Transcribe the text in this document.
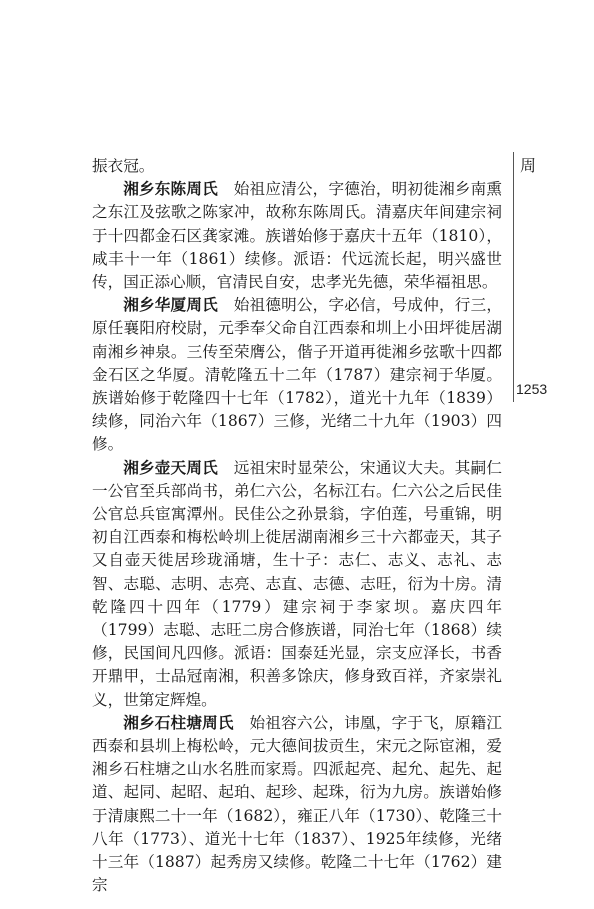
振衣冠。

湘乡东陈周氏　 始祖应清公，字德治，明初徙湘乡南熏之东江及弦歌之陈家冲，故称东陈周氏。清嘉庆年间建宗祠于十四都金石区龚家滩。族谱始修于嘉庆十五年（1810），咸丰十一年（1861）续修。派语：代远流长起，明兴盛世传，国正添心顺，官清民自安，忠孝光先德，荣华福祖思。

湘乡华厦周氏　 始祖德明公，字必信，号成仲，行三，原任襄阳府校尉，元季奉父命自江西泰和圳上小田坪徙居湖南湘乡神泉。三传至荣膺公，偕子开道再徙湘乡弦歌十四都金石区之华厦。清乾隆五十二年（1787）建宗祠于华厦。族谱始修于乾隆四十七年（1782），道光十九年（1839）续修，同治六年（1867）三修，光绪二十九年（1903）四修。

湘乡壶天周氏　 远祖宋时显荣公，宋通议大夫。其嗣仁一公官至兵部尚书，弟仁六公，名标江右。仁六公之后民佳公官总兵宦寓潭州。民佳公之孙景翁，字伯莲，号重锦，明初自江西泰和梅松岭圳上徙居湖南湘乡三十六都壶天，其子又自壶天徙居珍珑涌塘，生十子：志仁、志义、志礼、志智、志聪、志明、志亮、志直、志德、志旺，衍为十房。清乾隆四十四年（1779）建宗祠于李家坝。嘉庆四年（1799）志聪、志旺二房合修族谱，同治七年（1868）续修，民国间凡四修。派语：国泰廷光显，宗支应泽长，书香开鼎甲，士品冠南湘，积善多馀庆，修身致百祥，齐家崇礼义，世第定辉煌。

湘乡石柱塘周氏　 始祖容六公，讳凰，字于飞，原籍江西泰和县圳上梅松岭，元大德间拔贡生，宋元之际宦湘，爱湘乡石柱塘之山水名胜而家焉。四派起亮、起允、起先、起道、起同、起昭、起珀、起珍、起珠，衍为九房。族谱始修于清康熙二十一年（1682），雍正八年（1730）、乾隆三十八年（1773）、道光十七年（1837）、1925年续修，光绪十三年（1887）起秀房又续修。乾隆二十七年（1762）建宗

周
1253
